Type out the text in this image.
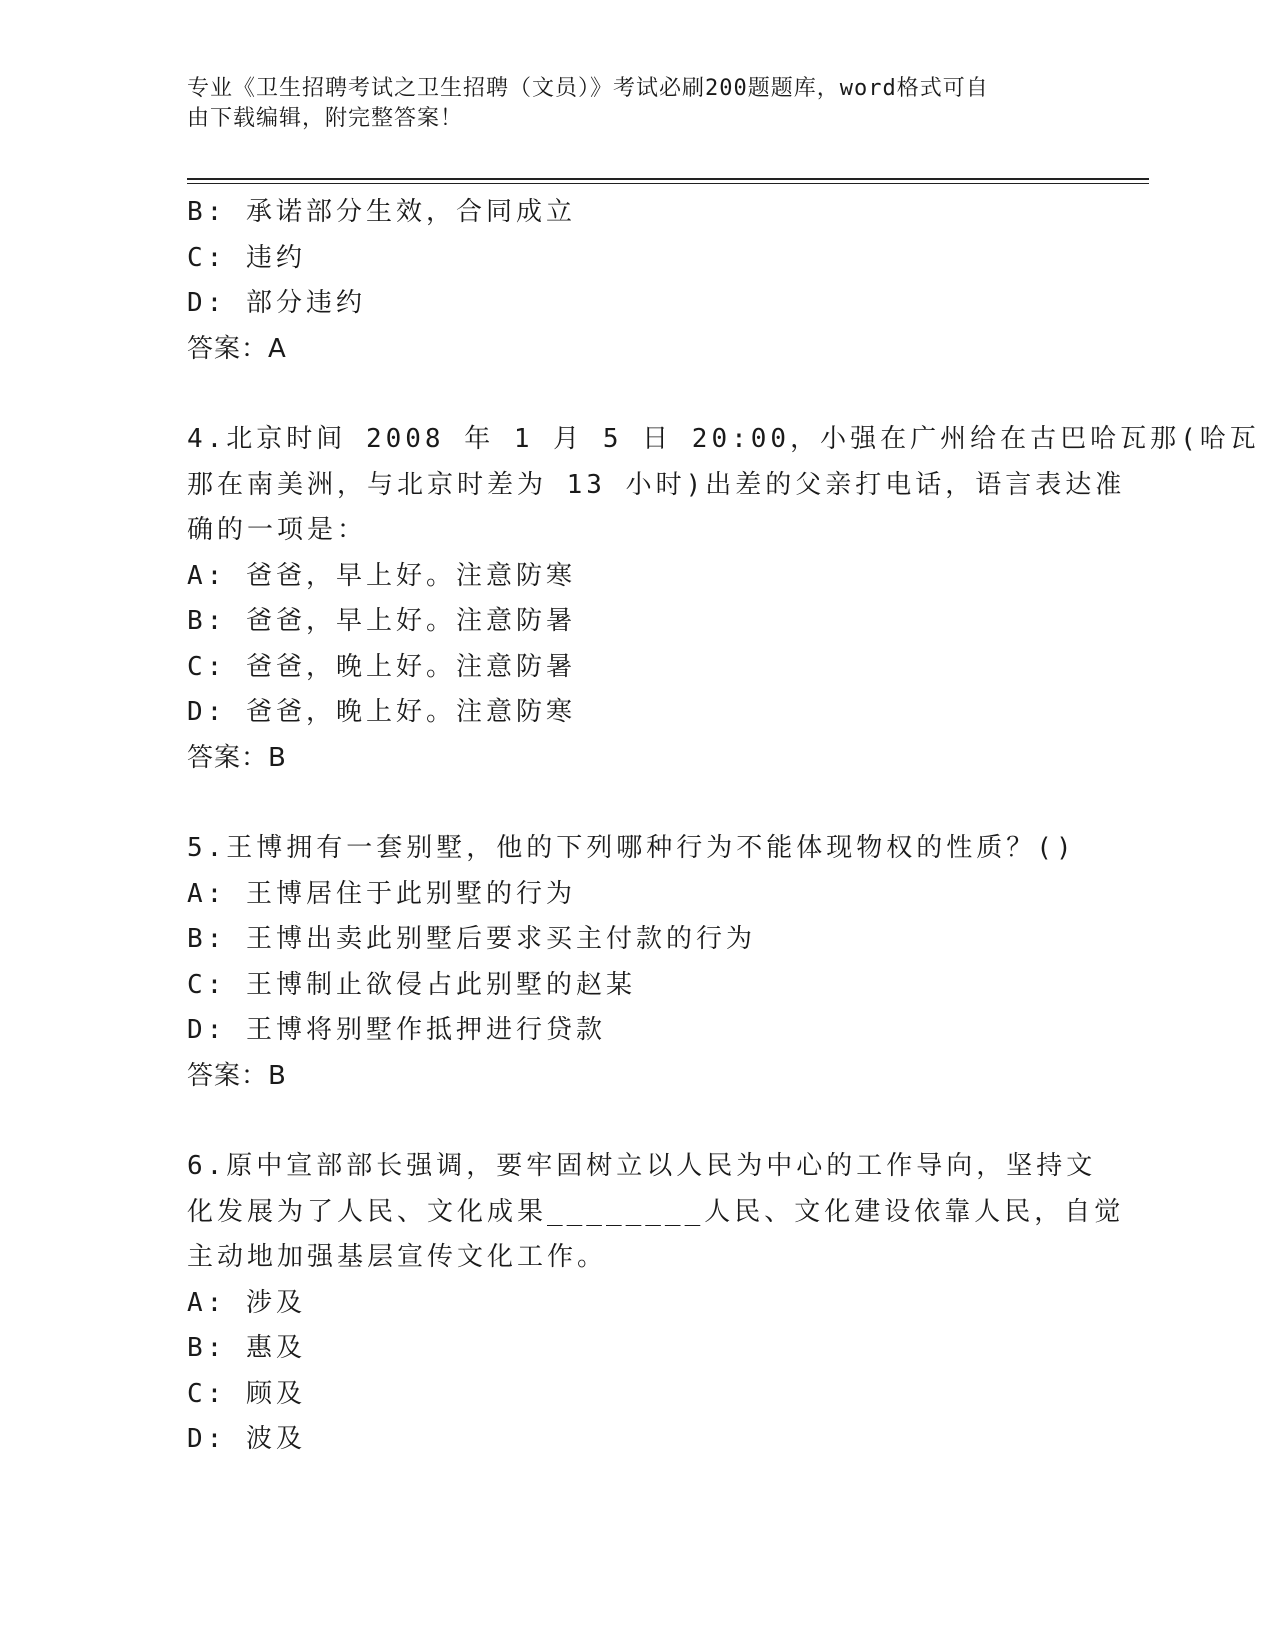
专业《卫生招聘考试之卫生招聘（文员）》考试必刷200题题库，word格式可自
由下载编辑，附完整答案！

B: 承诺部分生效，合同成立

C: 违约

D: 部分违约

答案：A

4.北京时间 2008 年 1 月 5 日 20:00，小强在广州给在古巴哈瓦那(哈瓦

那在南美洲，与北京时差为 13 小时)出差的父亲打电话，语言表达准

确的一项是：

A: 爸爸，早上好。注意防寒

B: 爸爸，早上好。注意防暑

C: 爸爸，晚上好。注意防暑

D: 爸爸，晚上好。注意防寒

答案：B

5.王博拥有一套别墅，他的下列哪种行为不能体现物权的性质？()

A: 王博居住于此别墅的行为

B: 王博出卖此别墅后要求买主付款的行为

C: 王博制止欲侵占此别墅的赵某

D: 王博将别墅作抵押进行贷款

答案：B

6.原中宣部部长强调，要牢固树立以人民为中心的工作导向，坚持文

化发展为了人民、文化成果________人民、文化建设依靠人民，自觉

主动地加强基层宣传文化工作。

A: 涉及

B: 惠及

C: 顾及

D: 波及
